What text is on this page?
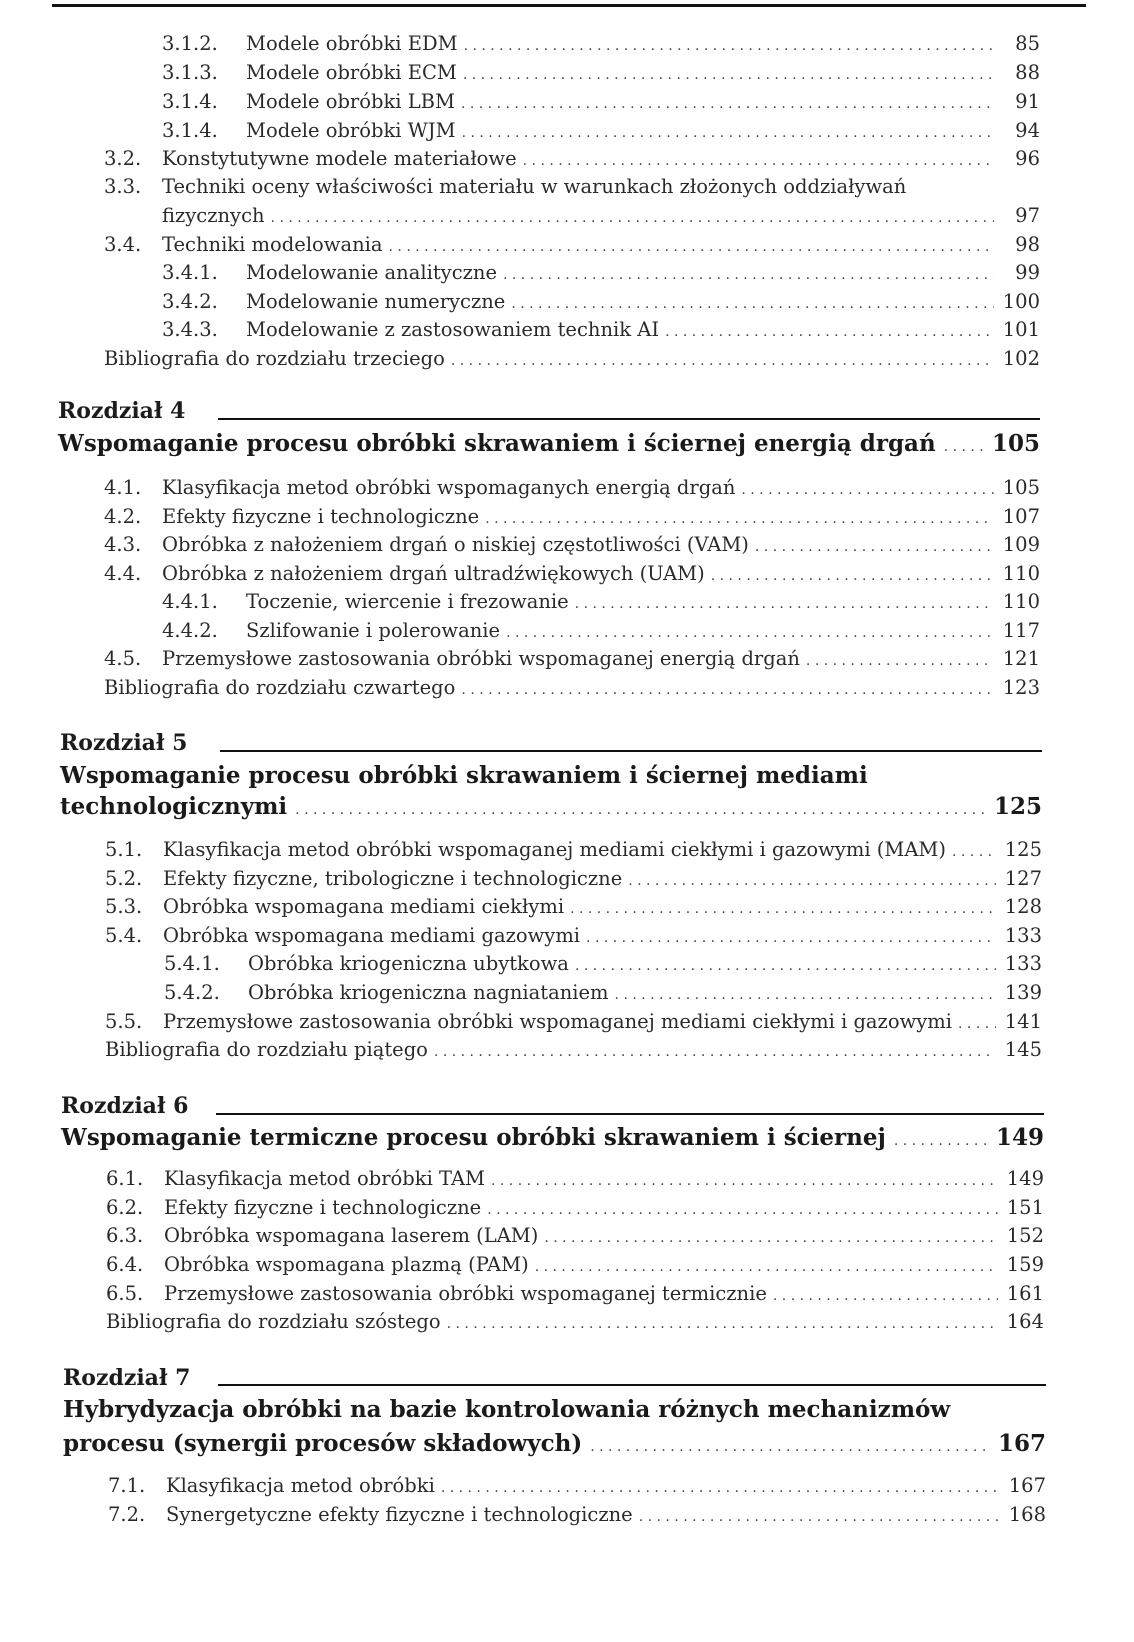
3.1.2.	Modele obróbki EDM . . .	85
3.1.3.	Modele obróbki ECM . . .	88
3.1.4.	Modele obróbki LBM . . .	91
3.1.4.	Modele obróbki WJM . . .	94
3.2.	Konstytutywne modele materiałowe . . .	96
3.3. Techniki oceny właściwości materiału w warunkach złożonych oddziaływań
fizycznych . . .	97
3.4.	Techniki modelowania . . .	98
3.4.1.	Modelowanie analityczne . . .	99
3.4.2.	Modelowanie numeryczne . . .	100
3.4.3.	Modelowanie z zastosowaniem technik AI . . .	101
Bibliografia do rozdziału trzeciego . . .	102
Rozdział 4
Wspomaganie procesu obróbki skrawaniem i ściernej energią drgań . . . 105
4.1.	Klasyfikacja metod obróbki wspomaganych energią drgań . . .	105
4.2.	Efekty fizyczne i technologiczne . . .	107
4.3.	Obróbka z nałożeniem drgań o niskiej częstotliwości (VAM) . . .	109
4.4.	Obróbka z nałożeniem drgań ultradźwiękowych (UAM) . . .	110
4.4.1.	Toczenie, wiercenie i frezowanie . . .	110
4.4.2.	Szlifowanie i polerowanie . . .	117
4.5.	Przemysłowe zastosowania obróbki wspomaganej energią drgań . . .	121
Bibliografia do rozdziału czwartego . . .	123
Rozdział 5
Wspomaganie procesu obróbki skrawaniem i ściernej mediami
technologicznymi . . .	125
5.1.	Klasyfikacja metod obróbki wspomaganej mediami ciekłymi i gazowymi (MAM) . . .	125
5.2.	Efekty fizyczne, tribologiczne i technologiczne . . .	127
5.3.	Obróbka wspomagana mediami ciekłymi . . .	128
5.4.	Obróbka wspomagana mediami gazowymi . . .	133
5.4.1.	Obróbka kriogeniczna ubytkowa . . .	133
5.4.2.	Obróbka kriogeniczna nagniataniem . . .	139
5.5.	Przemysłowe zastosowania obróbki wspomaganej mediami ciekłymi i gazowymi . . .	141
Bibliografia do rozdziału piątego . . .	145
Rozdział 6
Wspomaganie termiczne procesu obróbki skrawaniem i ściernej . . .	149
6.1.	Klasyfikacja metod obróbki TAM . . .	149
6.2.	Efekty fizyczne i technologiczne . . .	151
6.3.	Obróbka wspomagana laserem (LAM) . . .	152
6.4.	Obróbka wspomagana plazmą (PAM) . . .	159
6.5.	Przemysłowe zastosowania obróbki wspomaganej termicznie . . .	161
Bibliografia do rozdziału szóstego . . .	164
Rozdział 7
Hybrydyzacja obróbki na bazie kontrolowania różnych mechanizmów
procesu (synergii procesów składowych) . . .	167
7.1.	Klasyfikacja metod obróbki . . .	167
7.2.	Synergetyczne efekty fizyczne i technologiczne . . .	168
